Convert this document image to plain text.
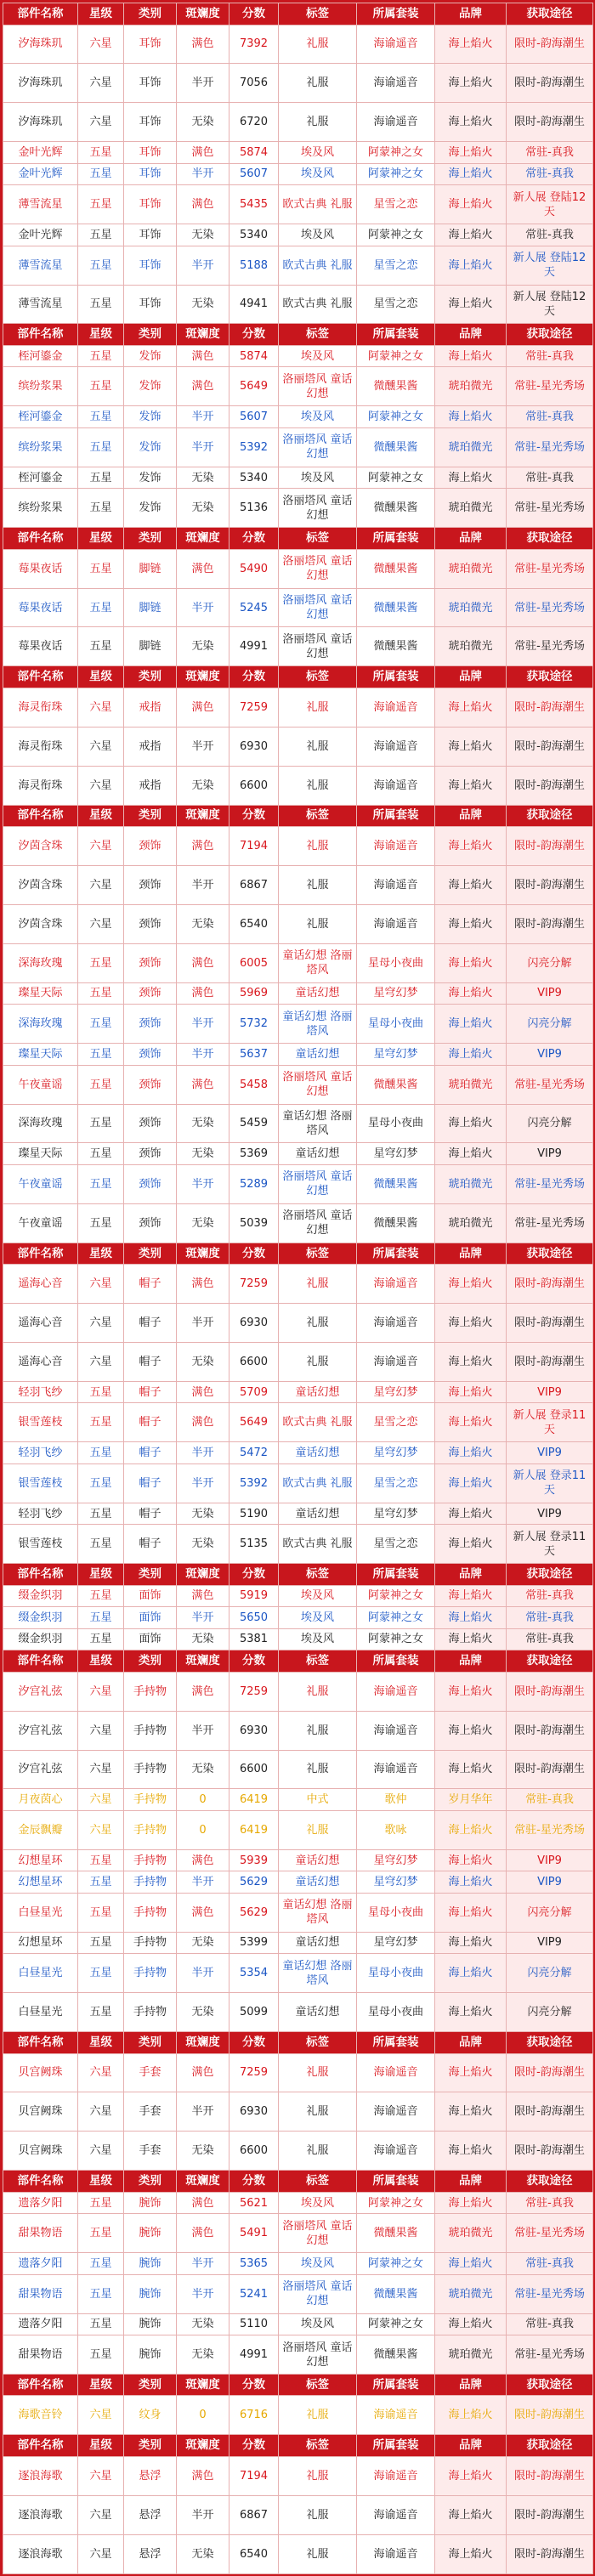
部件名称	星级	类别	斑斓度	分数	标签	所属套装	品牌	获取途径
汐海珠玑	六星	耳饰	满色	7392	礼服	海谕遥音	海上焰火	限时-韵海潮生
汐海珠玑	六星	耳饰	半开	7056	礼服	海谕遥音	海上焰火	限时-韵海潮生
汐海珠玑	六星	耳饰	无染	6720	礼服	海谕遥音	海上焰火	限时-韵海潮生
金叶光辉	五星	耳饰	满色	5874	埃及风	阿蒙神之女	海上焰火	常驻-真我
金叶光辉	五星	耳饰	半开	5607	埃及风	阿蒙神之女	海上焰火	常驻-真我
薄雪流星	五星	耳饰	满色	5435	欧式古典 礼服	星雪之恋	海上焰火	新人展 登陆12天
金叶光辉	五星	耳饰	无染	5340	埃及风	阿蒙神之女	海上焰火	常驻-真我
薄雪流星	五星	耳饰	半开	5188	欧式古典 礼服	星雪之恋	海上焰火	新人展 登陆12天
薄雪流星	五星	耳饰	无染	4941	欧式古典 礼服	星雪之恋	海上焰火	新人展 登陆12天
部件名称	星级	类别	斑斓度	分数	标签	所属套装	品牌	获取途径
桎河鎏金	五星	发饰	满色	5874	埃及风	阿蒙神之女	海上焰火	常驻-真我
缤纷浆果	五星	发饰	满色	5649	洛丽塔风 童话幻想	微醺果酱	琥珀微光	常驻-星光秀场
桎河鎏金	五星	发饰	半开	5607	埃及风	阿蒙神之女	海上焰火	常驻-真我
缤纷浆果	五星	发饰	半开	5392	洛丽塔风 童话幻想	微醺果酱	琥珀微光	常驻-星光秀场
桎河鎏金	五星	发饰	无染	5340	埃及风	阿蒙神之女	海上焰火	常驻-真我
缤纷浆果	五星	发饰	无染	5136	洛丽塔风 童话幻想	微醺果酱	琥珀微光	常驻-星光秀场
部件名称	星级	类别	斑斓度	分数	标签	所属套装	品牌	获取途径
莓果夜话	五星	脚链	满色	5490	洛丽塔风 童话幻想	微醺果酱	琥珀微光	常驻-星光秀场
莓果夜话	五星	脚链	半开	5245	洛丽塔风 童话幻想	微醺果酱	琥珀微光	常驻-星光秀场
莓果夜话	五星	脚链	无染	4991	洛丽塔风 童话幻想	微醺果酱	琥珀微光	常驻-星光秀场
部件名称	星级	类别	斑斓度	分数	标签	所属套装	品牌	获取途径
海灵衔珠	六星	戒指	满色	7259	礼服	海谕遥音	海上焰火	限时-韵海潮生
海灵衔珠	六星	戒指	半开	6930	礼服	海谕遥音	海上焰火	限时-韵海潮生
海灵衔珠	六星	戒指	无染	6600	礼服	海谕遥音	海上焰火	限时-韵海潮生
部件名称	星级	类别	斑斓度	分数	标签	所属套装	品牌	获取途径
汐茵含珠	六星	颈饰	满色	7194	礼服	海谕遥音	海上焰火	限时-韵海潮生
汐茵含珠	六星	颈饰	半开	6867	礼服	海谕遥音	海上焰火	限时-韵海潮生
汐茵含珠	六星	颈饰	无染	6540	礼服	海谕遥音	海上焰火	限时-韵海潮生
深海玫瑰	五星	颈饰	满色	6005	童话幻想 洛丽塔风	星母小夜曲	海上焰火	闪亮分解
璨星天际	五星	颈饰	满色	5969	童话幻想	星穹幻梦	海上焰火	VIP9
深海玫瑰	五星	颈饰	半开	5732	童话幻想 洛丽塔风	星母小夜曲	海上焰火	闪亮分解
璨星天际	五星	颈饰	半开	5637	童话幻想	星穹幻梦	海上焰火	VIP9
午夜童谣	五星	颈饰	满色	5458	洛丽塔风 童话幻想	微醺果酱	琥珀微光	常驻-星光秀场
深海玫瑰	五星	颈饰	无染	5459	童话幻想 洛丽塔风	星母小夜曲	海上焰火	闪亮分解
璨星天际	五星	颈饰	无染	5369	童话幻想	星穹幻梦	海上焰火	VIP9
午夜童谣	五星	颈饰	半开	5289	洛丽塔风 童话幻想	微醺果酱	琥珀微光	常驻-星光秀场
午夜童谣	五星	颈饰	无染	5039	洛丽塔风 童话幻想	微醺果酱	琥珀微光	常驻-星光秀场
部件名称	星级	类别	斑斓度	分数	标签	所属套装	品牌	获取途径
遥海心音	六星	帽子	满色	7259	礼服	海谕遥音	海上焰火	限时-韵海潮生
遥海心音	六星	帽子	半开	6930	礼服	海谕遥音	海上焰火	限时-韵海潮生
遥海心音	六星	帽子	无染	6600	礼服	海谕遥音	海上焰火	限时-韵海潮生
轻羽飞纱	五星	帽子	满色	5709	童话幻想	星穹幻梦	海上焰火	VIP9
银雪莲枝	五星	帽子	满色	5649	欧式古典 礼服	星雪之恋	海上焰火	新人展 登录11天
轻羽飞纱	五星	帽子	半开	5472	童话幻想	星穹幻梦	海上焰火	VIP9
银雪莲枝	五星	帽子	半开	5392	欧式古典 礼服	星雪之恋	海上焰火	新人展 登录11天
轻羽飞纱	五星	帽子	无染	5190	童话幻想	星穹幻梦	海上焰火	VIP9
银雪莲枝	五星	帽子	无染	5135	欧式古典 礼服	星雪之恋	海上焰火	新人展 登录11天
部件名称	星级	类别	斑斓度	分数	标签	所属套装	品牌	获取途径
缀金织羽	五星	面饰	满色	5919	埃及风	阿蒙神之女	海上焰火	常驻-真我
缀金织羽	五星	面饰	半开	5650	埃及风	阿蒙神之女	海上焰火	常驻-真我
缀金织羽	五星	面饰	无染	5381	埃及风	阿蒙神之女	海上焰火	常驻-真我
部件名称	星级	类别	斑斓度	分数	标签	所属套装	品牌	获取途径
汐宫礼弦	六星	手持物	满色	7259	礼服	海谕遥音	海上焰火	限时-韵海潮生
汐宫礼弦	六星	手持物	半开	6930	礼服	海谕遥音	海上焰火	限时-韵海潮生
汐宫礼弦	六星	手持物	无染	6600	礼服	海谕遥音	海上焰火	限时-韵海潮生
月夜茵心	六星	手持物	0	6419	中式	歌仲	岁月华年	常驻-真我
金辰飘瓣	六星	手持物	0	6419	礼服	歌咏	海上焰火	常驻-星光秀场
幻想星环	五星	手持物	满色	5939	童话幻想	星穹幻梦	海上焰火	VIP9
幻想星环	五星	手持物	半开	5629	童话幻想	星穹幻梦	海上焰火	VIP9
白昼星光	五星	手持物	满色	5629	童话幻想 洛丽塔风	星母小夜曲	海上焰火	闪亮分解
幻想星环	五星	手持物	无染	5399	童话幻想	星穹幻梦	海上焰火	VIP9
白昼星光	五星	手持物	半开	5354	童话幻想 洛丽塔风	星母小夜曲	海上焰火	闪亮分解
白昼星光	五星	手持物	无染	5099	童话幻想	星母小夜曲	海上焰火	闪亮分解
部件名称	星级	类别	斑斓度	分数	标签	所属套装	品牌	获取途径
贝宫阙珠	六星	手套	满色	7259	礼服	海谕遥音	海上焰火	限时-韵海潮生
贝宫阙珠	六星	手套	半开	6930	礼服	海谕遥音	海上焰火	限时-韵海潮生
贝宫阙珠	六星	手套	无染	6600	礼服	海谕遥音	海上焰火	限时-韵海潮生
部件名称	星级	类别	斑斓度	分数	标签	所属套装	品牌	获取途径
遗落夕阳	五星	腕饰	满色	5621	埃及风	阿蒙神之女	海上焰火	常驻-真我
甜果物语	五星	腕饰	满色	5491	洛丽塔风 童话幻想	微醺果酱	琥珀微光	常驻-星光秀场
遗落夕阳	五星	腕饰	半开	5365	埃及风	阿蒙神之女	海上焰火	常驻-真我
甜果物语	五星	腕饰	半开	5241	洛丽塔风 童话幻想	微醺果酱	琥珀微光	常驻-星光秀场
遗落夕阳	五星	腕饰	无染	5110	埃及风	阿蒙神之女	海上焰火	常驻-真我
甜果物语	五星	腕饰	无染	4991	洛丽塔风 童话幻想	微醺果酱	琥珀微光	常驻-星光秀场
部件名称	星级	类别	斑斓度	分数	标签	所属套装	品牌	获取途径
海歌音铃	六星	纹身	0	6716	礼服	海谕遥音	海上焰火	限时-韵海潮生
部件名称	星级	类别	斑斓度	分数	标签	所属套装	品牌	获取途径
逐浪海歌	六星	悬浮	满色	7194	礼服	海谕遥音	海上焰火	限时-韵海潮生
逐浪海歌	六星	悬浮	半开	6867	礼服	海谕遥音	海上焰火	限时-韵海潮生
逐浪海歌	六星	悬浮	无染	6540	礼服	海谕遥音	海上焰火	限时-韵海潮生
